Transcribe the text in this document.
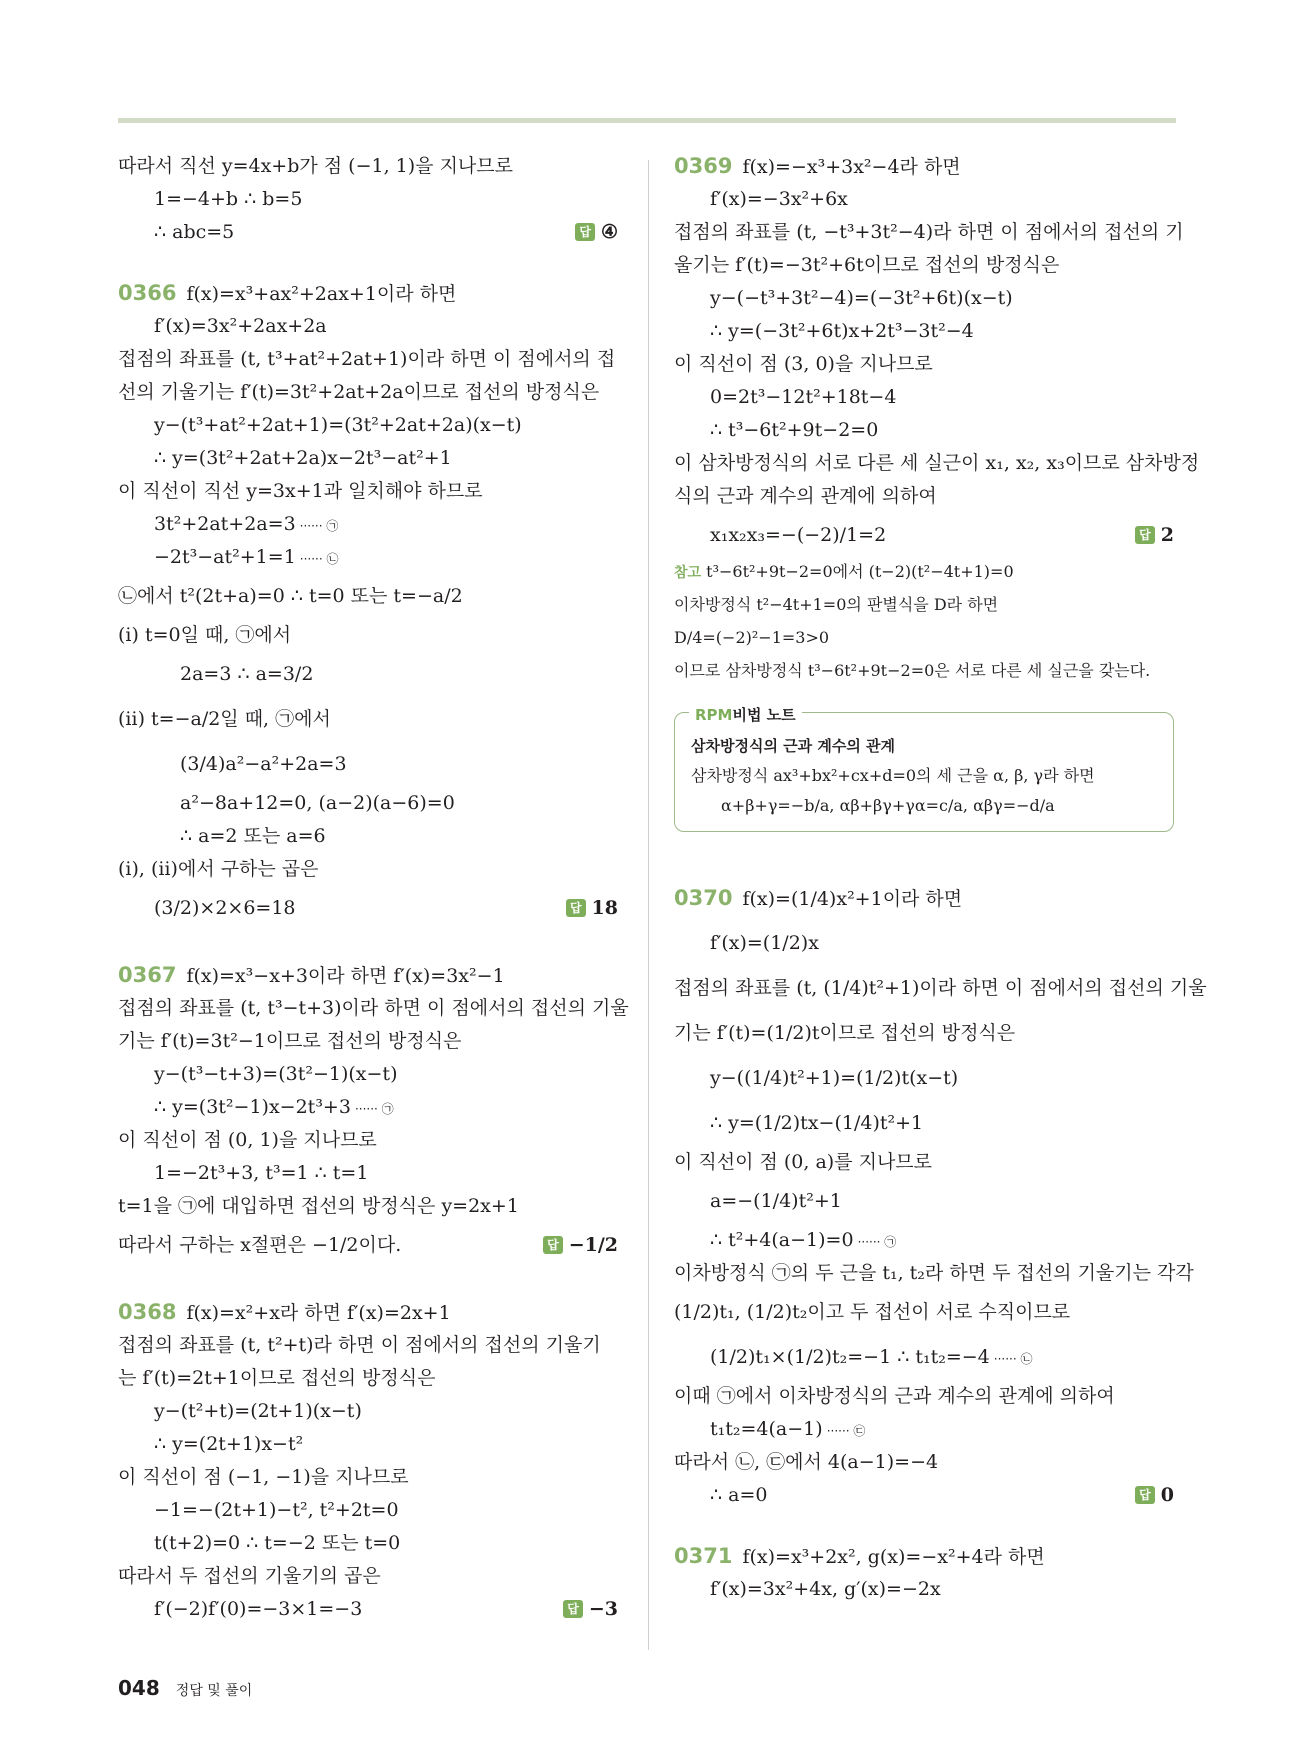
따라서 직선 y=4x+b가 점 (−1, 1)을 지나므로
1=−4+b ∴ b=5
∴ abc=5	답 ④
0366 f(x)=x³+ax²+2ax+1이라 하면
f′(x)=3x²+2ax+2a
접점의 좌표를 (t, t³+at²+2at+1)이라 하면 이 점에서의 접
선의 기울기는 f′(t)=3t²+2at+2a이므로 접선의 방정식은
y−(t³+at²+2at+1)=(3t²+2at+2a)(x−t)
∴ y=(3t²+2at+2a)x−2t³−at²+1
이 직선이 직선 y=3x+1과 일치해야 하므로
3t²+2at+2a=3 ······ ㉠
−2t³−at²+1=1 ······ ㉡
㉡에서 t²(2t+a)=0 ∴ t=0 또는 t=−a/2
(ⅰ) t=0일 때, ㉠에서
2a=3 ∴ a=3/2
(ⅱ) t=−a/2일 때, ㉠에서
(3/4)a²−a²+2a=3
a²−8a+12=0, (a−2)(a−6)=0
∴ a=2 또는 a=6
(ⅰ), (ⅱ)에서 구하는 곱은
(3/2)×2×6=18	답 18
0367 f(x)=x³−x+3이라 하면 f′(x)=3x²−1
접점의 좌표를 (t, t³−t+3)이라 하면 이 점에서의 접선의 기울
기는 f′(t)=3t²−1이므로 접선의 방정식은
y−(t³−t+3)=(3t²−1)(x−t)
∴ y=(3t²−1)x−2t³+3 ······ ㉠
이 직선이 점 (0, 1)을 지나므로
1=−2t³+3, t³=1 ∴ t=1
t=1을 ㉠에 대입하면 접선의 방정식은 y=2x+1
따라서 구하는 x절편은 −1/2이다.	답 −1/2
0368 f(x)=x²+x라 하면 f′(x)=2x+1
접점의 좌표를 (t, t²+t)라 하면 이 점에서의 접선의 기울기
는 f′(t)=2t+1이므로 접선의 방정식은
y−(t²+t)=(2t+1)(x−t)
∴ y=(2t+1)x−t²
이 직선이 점 (−1, −1)을 지나므로
−1=−(2t+1)−t², t²+2t=0
t(t+2)=0 ∴ t=−2 또는 t=0
따라서 두 접선의 기울기의 곱은
f′(−2)f′(0)=−3×1=−3	답 −3
0369 f(x)=−x³+3x²−4라 하면
f′(x)=−3x²+6x
접점의 좌표를 (t, −t³+3t²−4)라 하면 이 점에서의 접선의 기
울기는 f′(t)=−3t²+6t이므로 접선의 방정식은
y−(−t³+3t²−4)=(−3t²+6t)(x−t)
∴ y=(−3t²+6t)x+2t³−3t²−4
이 직선이 점 (3, 0)을 지나므로
0=2t³−12t²+18t−4
∴ t³−6t²+9t−2=0
이 삼차방정식의 서로 다른 세 실근이 x₁, x₂, x₃이므로 삼차방정
식의 근과 계수의 관계에 의하여
x₁x₂x₃=−(−2)/1=2	답 2
참고 t³−6t²+9t−2=0에서 (t−2)(t²−4t+1)=0
이차방정식 t²−4t+1=0의 판별식을 D라 하면
D/4=(−2)²−1=3>0
이므로 삼차방정식 t³−6t²+9t−2=0은 서로 다른 세 실근을 갖는다.
RPM비법 노트
삼차방정식의 근과 계수의 관계
삼차방정식 ax³+bx²+cx+d=0의 세 근을 α, β, γ라 하면
α+β+γ=−b/a, αβ+βγ+γα=c/a, αβγ=−d/a
0370 f(x)=(1/4)x²+1이라 하면
f′(x)=(1/2)x
접점의 좌표를 (t, (1/4)t²+1)이라 하면 이 점에서의 접선의 기울
기는 f′(t)=(1/2)t이므로 접선의 방정식은
y−((1/4)t²+1)=(1/2)t(x−t)
∴ y=(1/2)tx−(1/4)t²+1
이 직선이 점 (0, a)를 지나므로
a=−(1/4)t²+1
∴ t²+4(a−1)=0 ······ ㉠
이차방정식 ㉠의 두 근을 t₁, t₂라 하면 두 접선의 기울기는 각각
(1/2)t₁, (1/2)t₂이고 두 접선이 서로 수직이므로
(1/2)t₁×(1/2)t₂=−1 ∴ t₁t₂=−4 ······ ㉡
이때 ㉠에서 이차방정식의 근과 계수의 관계에 의하여
t₁t₂=4(a−1) ······ ㉢
따라서 ㉡, ㉢에서 4(a−1)=−4
∴ a=0	답 0
0371 f(x)=x³+2x², g(x)=−x²+4라 하면
f′(x)=3x²+4x, g′(x)=−2x
048 정답 및 풀이
